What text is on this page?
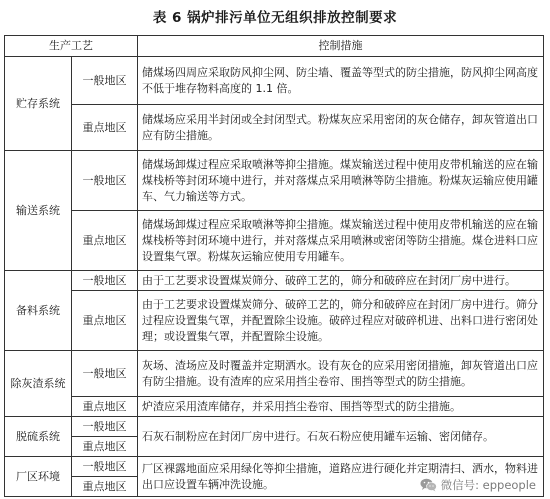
表 6 锅炉排污单位无组织排放控制要求
生产工艺		控制措施
贮存系统	一般地区	储煤场四周应采取防风抑尘网、防尘墙、覆盖等型式的防尘措施，防风抑尘网高度不低于堆存物料高度的 1.1 倍。
	重点地区	储煤场应采用半封闭或全封闭型式。粉煤灰应采用密闭的灰仓储存，卸灰管道出口应有防尘措施。
输送系统	一般地区	储煤场卸煤过程应采取喷淋等抑尘措施。煤炭输送过程中使用皮带机输送的应在输煤栈桥等封闭环境中进行，并对落煤点采用喷淋等防尘措施。粉煤灰运输应使用罐车、气力输送等方式。
	重点地区	储煤场卸煤过程应采取喷淋等抑尘措施。煤炭输送过程中使用皮带机输送的应在输煤栈桥等封闭环境中进行，并对落煤点采用喷淋或密闭等防尘措施。煤仓进料口应设置集气罩。粉煤灰运输应使用专用罐车。
备料系统	一般地区	由于工艺要求设置煤炭筛分、破碎工艺的，筛分和破碎应在封闭厂房中进行。
	重点地区	由于工艺要求设置煤炭筛分、破碎工艺的，筛分和破碎应在封闭厂房中进行。筛分过程应设置集气罩，并配置除尘设施。破碎过程应对破碎机进、出料口进行密闭处理；或设置集气罩，并配置除尘设施。
除灰渣系统	一般地区	灰场、渣场应及时覆盖并定期洒水。设有灰仓的应采用密闭措施，卸灰管道出口应有防尘措施。设有渣库的应采用挡尘卷帘、围挡等型式的防尘措施。
	重点地区	炉渣应采用渣库储存，并采用挡尘卷帘、围挡等型式的防尘措施。
脱硫系统	一般地区	石灰石制粉应在封闭厂房中进行。石灰石粉应使用罐车运输、密闭储存。
	重点地区	
厂区环境	一般地区	厂区裸露地面应采用绿化等抑尘措施，道路应进行硬化并定期清扫、洒水，物料进出口应设置车辆冲洗设施。
	重点地区		微信号: eppeople
